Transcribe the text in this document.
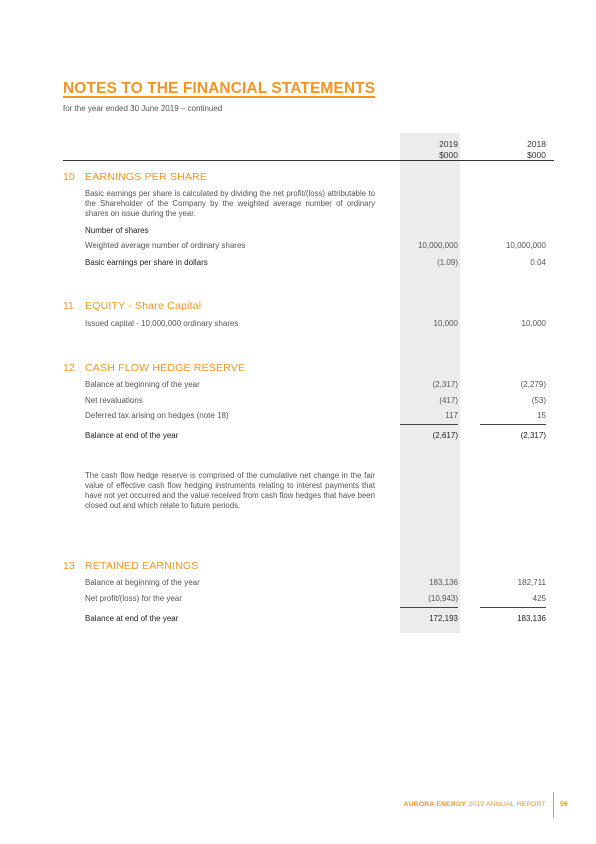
NOTES TO THE FINANCIAL STATEMENTS
for the year ended 30 June 2019 – continued
2019
$000
2018
$000
10 EARNINGS PER SHARE
Basic earnings per share is calculated by dividing the net profit/(loss) attributable to the Shareholder of the Company by the weighted average number of ordinary shares on issue during the year.
Number of shares
Weighted average number of ordinary shares	10,000,000	10,000,000
Basic earnings per share in dollars	(1.09)	0.04
11 EQUITY - Share Capital
Issued capital - 10,000,000 ordinary shares	10,000	10,000
12 CASH FLOW HEDGE RESERVE
Balance at beginning of the year	(2,317)	(2,279)
Net revaluations	(417)	(53)
Deferred tax arising on hedges (note 18)	117	15
Balance at end of the year	(2,617)	(2,317)
The cash flow hedge reserve is comprised of the cumulative net change in the fair value of effective cash flow hedging instruments relating to interest payments that have not yet occurred and the value received from cash flow hedges that have been closed out and which relate to future periods.
13 RETAINED EARNINGS
Balance at beginning of the year	183,136	182,711
Net profit/(loss) for the year	(10,943)	425
Balance at end of the year	172,193	183,136
AURORA ENERGY 2019 ANNUAL REPORT 59
